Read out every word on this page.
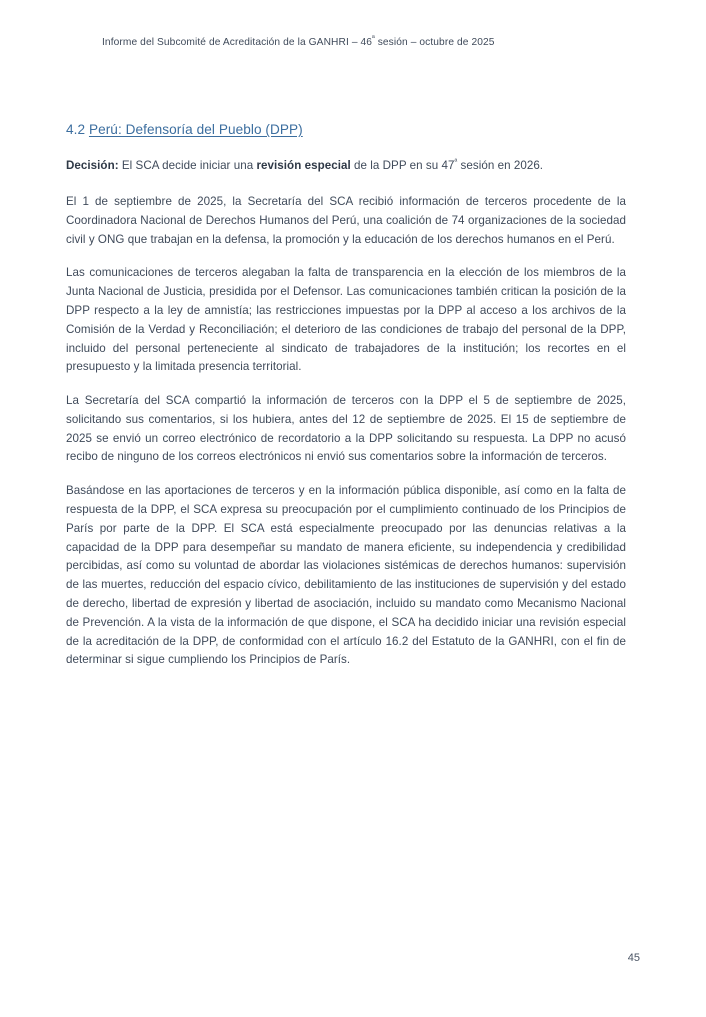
Informe del Subcomité de Acreditación de la GANHRI – $46^ª$ sesión – octubre de 2025
4.2 Perú: Defensoría del Pueblo (DPP)

Decisión: El SCA decide iniciar una revisión especial de la DPP en su $47^ª$ sesión en 2026.

El 1 de septiembre de 2025, la Secretaría del SCA recibió información de terceros procedente de la Coordinadora Nacional de Derechos Humanos del Perú, una coalición de 74 organizaciones de la sociedad civil y ONG que trabajan en la defensa, la promoción y la educación de los derechos humanos en el Perú.

Las comunicaciones de terceros alegaban la falta de transparencia en la elección de los miembros de la Junta Nacional de Justicia, presidida por el Defensor. Las comunicaciones también critican la posición de la DPP respecto a la ley de amnistía; las restricciones impuestas por la DPP al acceso a los archivos de la Comisión de la Verdad y Reconciliación; el deterioro de las condiciones de trabajo del personal de la DPP, incluido del personal perteneciente al sindicato de trabajadores de la institución; los recortes en el presupuesto y la limitada presencia territorial.

La Secretaría del SCA compartió la información de terceros con la DPP el 5 de septiembre de 2025, solicitando sus comentarios, si los hubiera, antes del 12 de septiembre de 2025. El 15 de septiembre de 2025 se envió un correo electrónico de recordatorio a la DPP solicitando su respuesta. La DPP no acusó recibo de ninguno de los correos electrónicos ni envió sus comentarios sobre la información de terceros.

Basándose en las aportaciones de terceros y en la información pública disponible, así como en la falta de respuesta de la DPP, el SCA expresa su preocupación por el cumplimiento continuado de los Principios de París por parte de la DPP. El SCA está especialmente preocupado por las denuncias relativas a la capacidad de la DPP para desempeñar su mandato de manera eficiente, su independencia y credibilidad percibidas, así como su voluntad de abordar las violaciones sistémicas de derechos humanos: supervisión de las muertes, reducción del espacio cívico, debilitamiento de las instituciones de supervisión y del estado de derecho, libertad de expresión y libertad de asociación, incluido su mandato como Mecanismo Nacional de Prevención. A la vista de la información de que dispone, el SCA ha decidido iniciar una revisión especial de la acreditación de la DPP, de conformidad con el artículo 16.2 del Estatuto de la GANHRI, con el fin de determinar si sigue cumpliendo los Principios de París.

45
